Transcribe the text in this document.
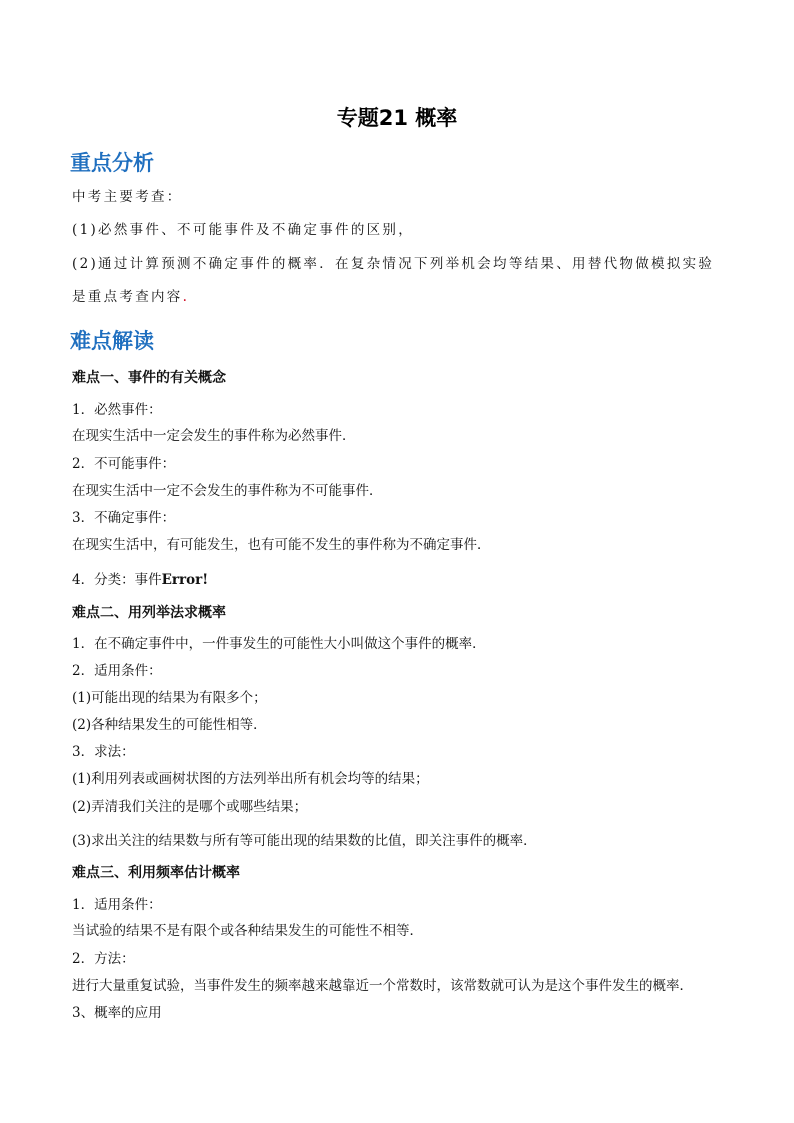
专题21 概率
重点分析
中考主要考查：
(1)必然事件、不可能事件及不确定事件的区别，
(2)通过计算预测不确定事件的概率．在复杂情况下列举机会均等结果、用替代物做模拟实验
是重点考查内容.
难点解读
难点一、事件的有关概念
1．必然事件：
在现实生活中一定会发生的事件称为必然事件．
2．不可能事件：
在现实生活中一定不会发生的事件称为不可能事件．
3．不确定事件：
在现实生活中，有可能发生，也有可能不发生的事件称为不确定事件．
4．分类：事件Error!
难点二、用列举法求概率
1．在不确定事件中，一件事发生的可能性大小叫做这个事件的概率．
2．适用条件：
(1)可能出现的结果为有限多个；
(2)各种结果发生的可能性相等．
3．求法：
(1)利用列表或画树状图的方法列举出所有机会均等的结果；
(2)弄清我们关注的是哪个或哪些结果；
(3)求出关注的结果数与所有等可能出现的结果数的比值，即关注事件的概率．
难点三、利用频率估计概率
1．适用条件：
当试验的结果不是有限个或各种结果发生的可能性不相等．
2．方法：
进行大量重复试验，当事件发生的频率越来越靠近一个常数时，该常数就可认为是这个事件发生的概率．
3、概率的应用
